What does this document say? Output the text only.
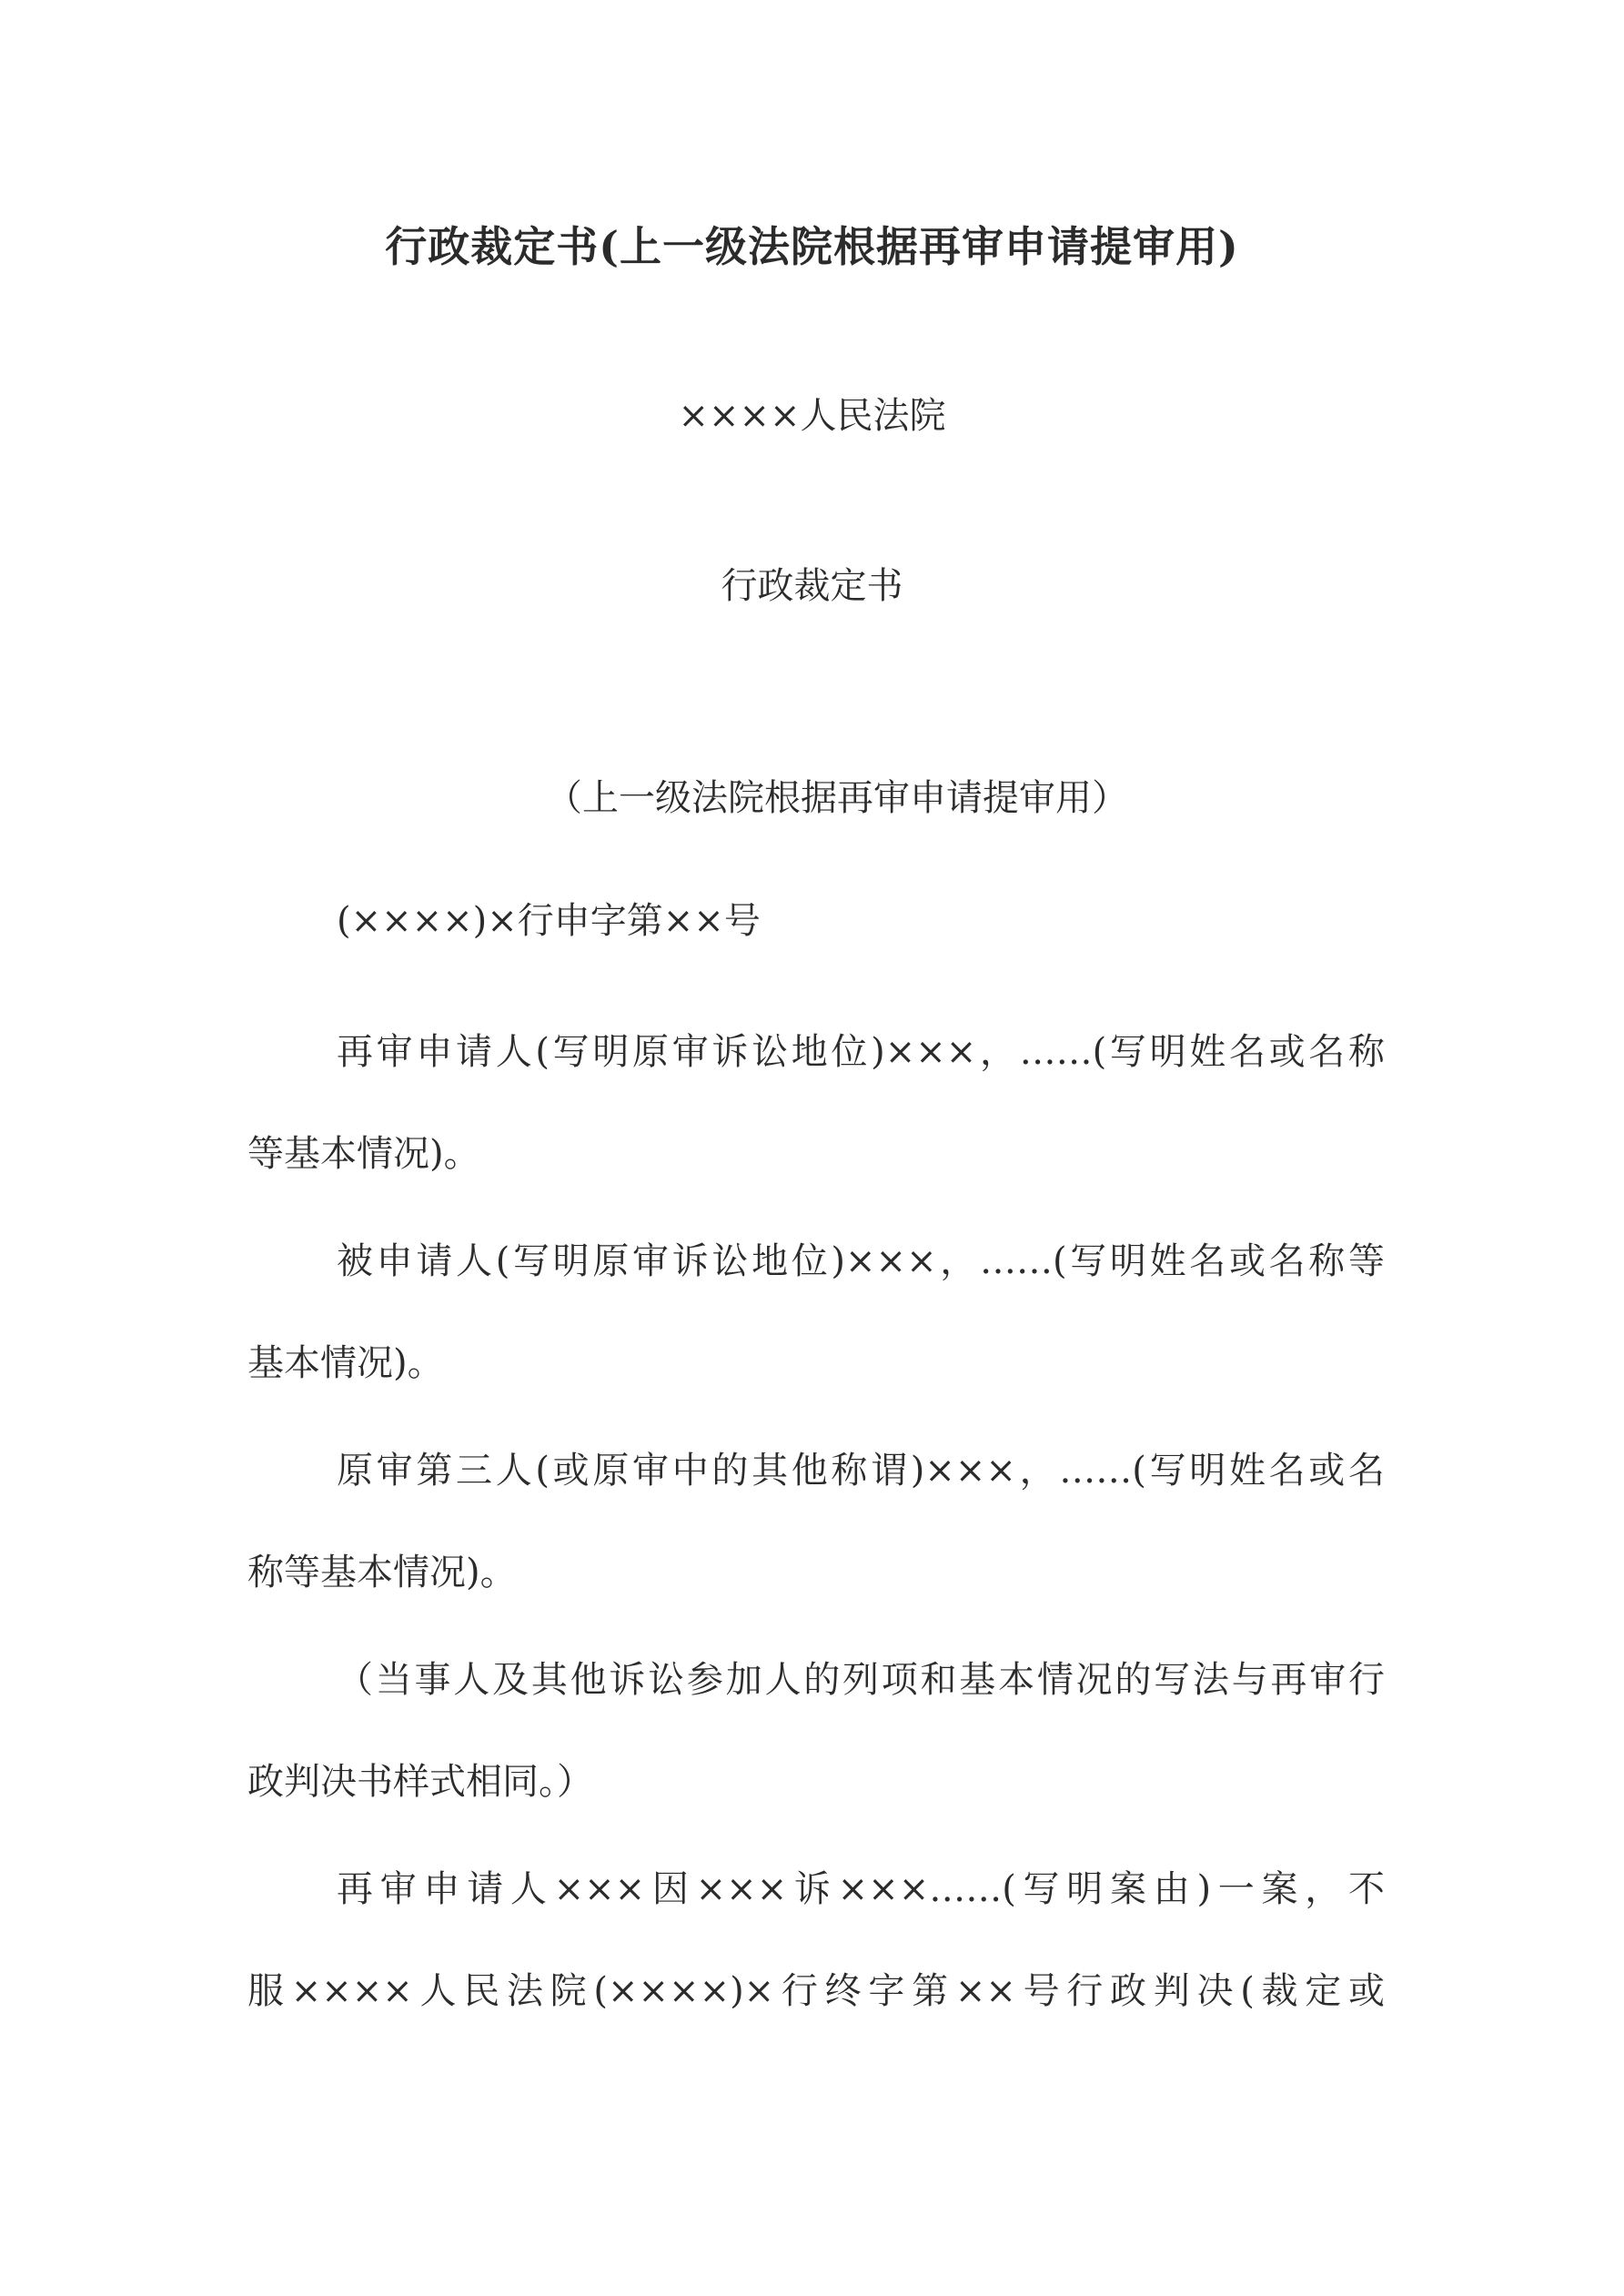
行政裁定书(上一级法院根据再审申请提审用)

××××人民法院

行政裁定书

（上一级法院根据再审申请提审用）

(××××)×行申字第××号

再审申请人(写明原审诉讼地位)×××，……(写明姓名或名称
等基本情况)。
被申请人(写明原审诉讼地位)×××，……(写明姓名或名称等
基本情况)。
原审第三人(或原审中的其他称谓)×××，……(写明姓名或名
称等基本情况)。
（当事人及其他诉讼参加人的列项和基本情况的写法与再审行
政判决书样式相同。）
再审申请人×××因×××诉×××……(写明案由)一案，不
服××××人民法院(××××)×行终字第××号行政判决(裁定或
